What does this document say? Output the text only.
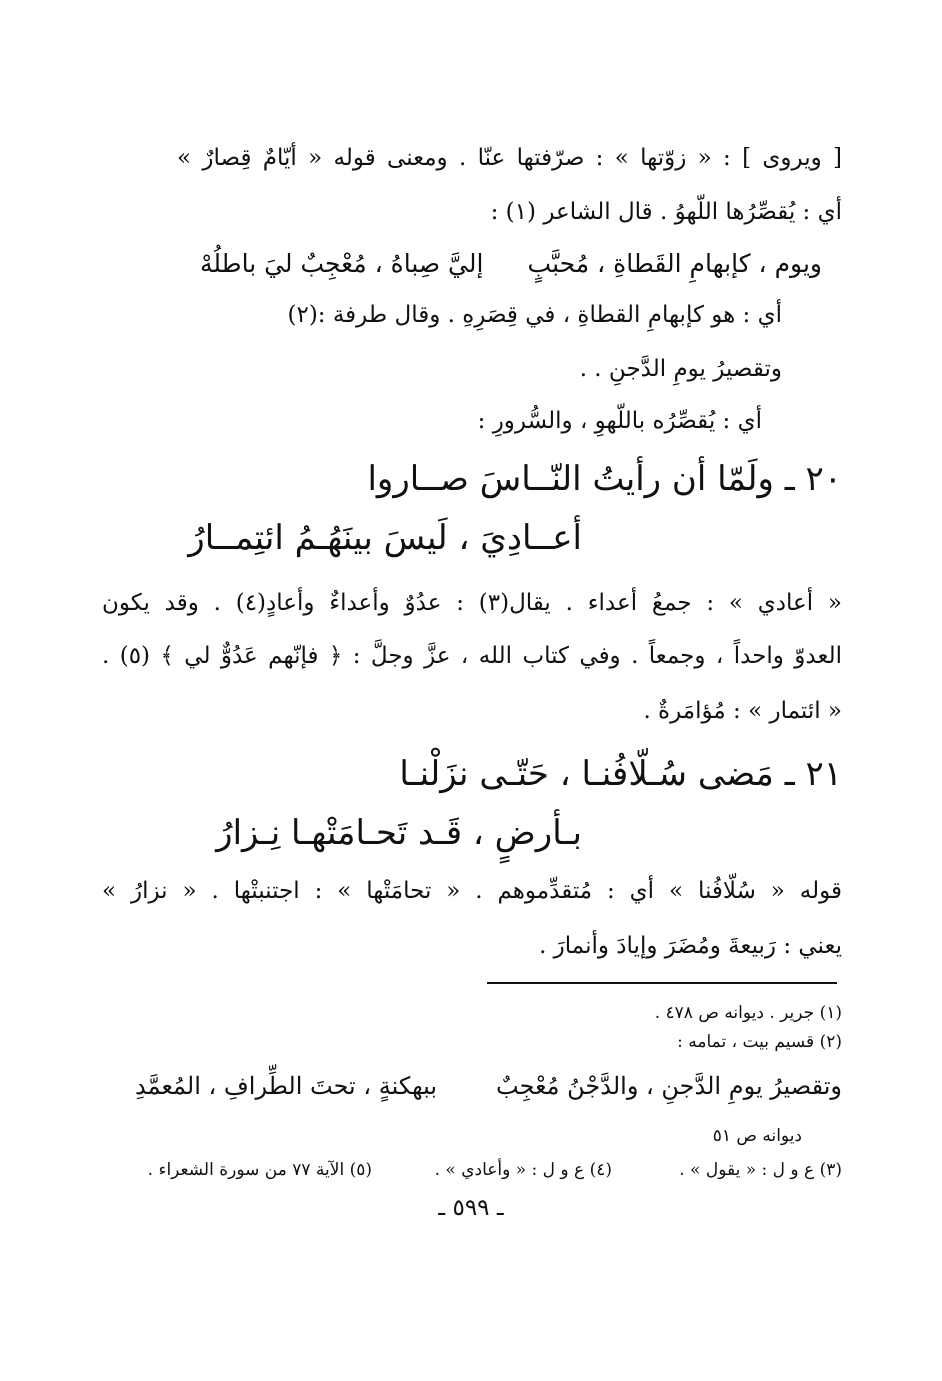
[ ويروى ] : « زوّتها » : صرّفتها عنّا . ومعنى قوله « أيّامٌ قِصارٌ »
أي : يُقصِّرُها اللّهوُ . قال الشاعر (١) :
ويوم ، كإبهامِ القَطاةِ ، مُحبَّبٍ
إليَّ صِباهُ ، مُعْجِبٌ ليَ باطلُهْ
أي : هو كإبهامِ القطاةِ ، في قِصَرِهِ . وقال طرفة :(٢)
وتقصيرُ يومِ الدَّجنِ . .
أي : يُقصِّرُه باللّهوِ ، والسُّرورِ :
٢٠ ـ ولَمّا أن رأيتُ النّــاسَ صــاروا
أعــادِيَ ، لَيسَ بينَهُـمُ ائتِمــارُ
« أعادي » : جمعُ أعداء . يقال(٣) : عدُوٌ وأعداءٌ وأعادٍ(٤) . وقد يكون
العدوّ واحداً ، وجمعاً . وفي كتاب الله ، عزَّ وجلَّ : ﴿ فإنّهم عَدُوٌّ لي ﴾ (٥) .
« ائتمار » : مُؤامَرةٌ .
٢١ ـ مَضى سُـلّافُنـا ، حَتّـى نزَلْنـا
بـأرضٍ ، قَـد تَحـامَتْهـا نِـزارُ
قوله « سُلّافُنا » أي : مُتقدِّموهم . « تحامَتْها » : اجتنبتْها . « نزارُ »
يعني : رَبيعةَ ومُضَرَ وإيادَ وأنمارَ .
(١) جرير . ديوانه ص ٤٧٨ .
(٢) قسيم بيت ، تمامه :
وتقصيرُ يومِ الدَّجنِ ، والدَّجْنُ مُعْجِبٌ
ببهكنةٍ ، تحتَ الطِّرافِ ، المُعمَّدِ
ديوانه ص ٥١
(٣) ع و ل : « يقول » .
(٤) ع و ل : « وأعادي » .
(٥) الآية ٧٧ من سورة الشعراء .
ـ ٥٩٩ ـ
